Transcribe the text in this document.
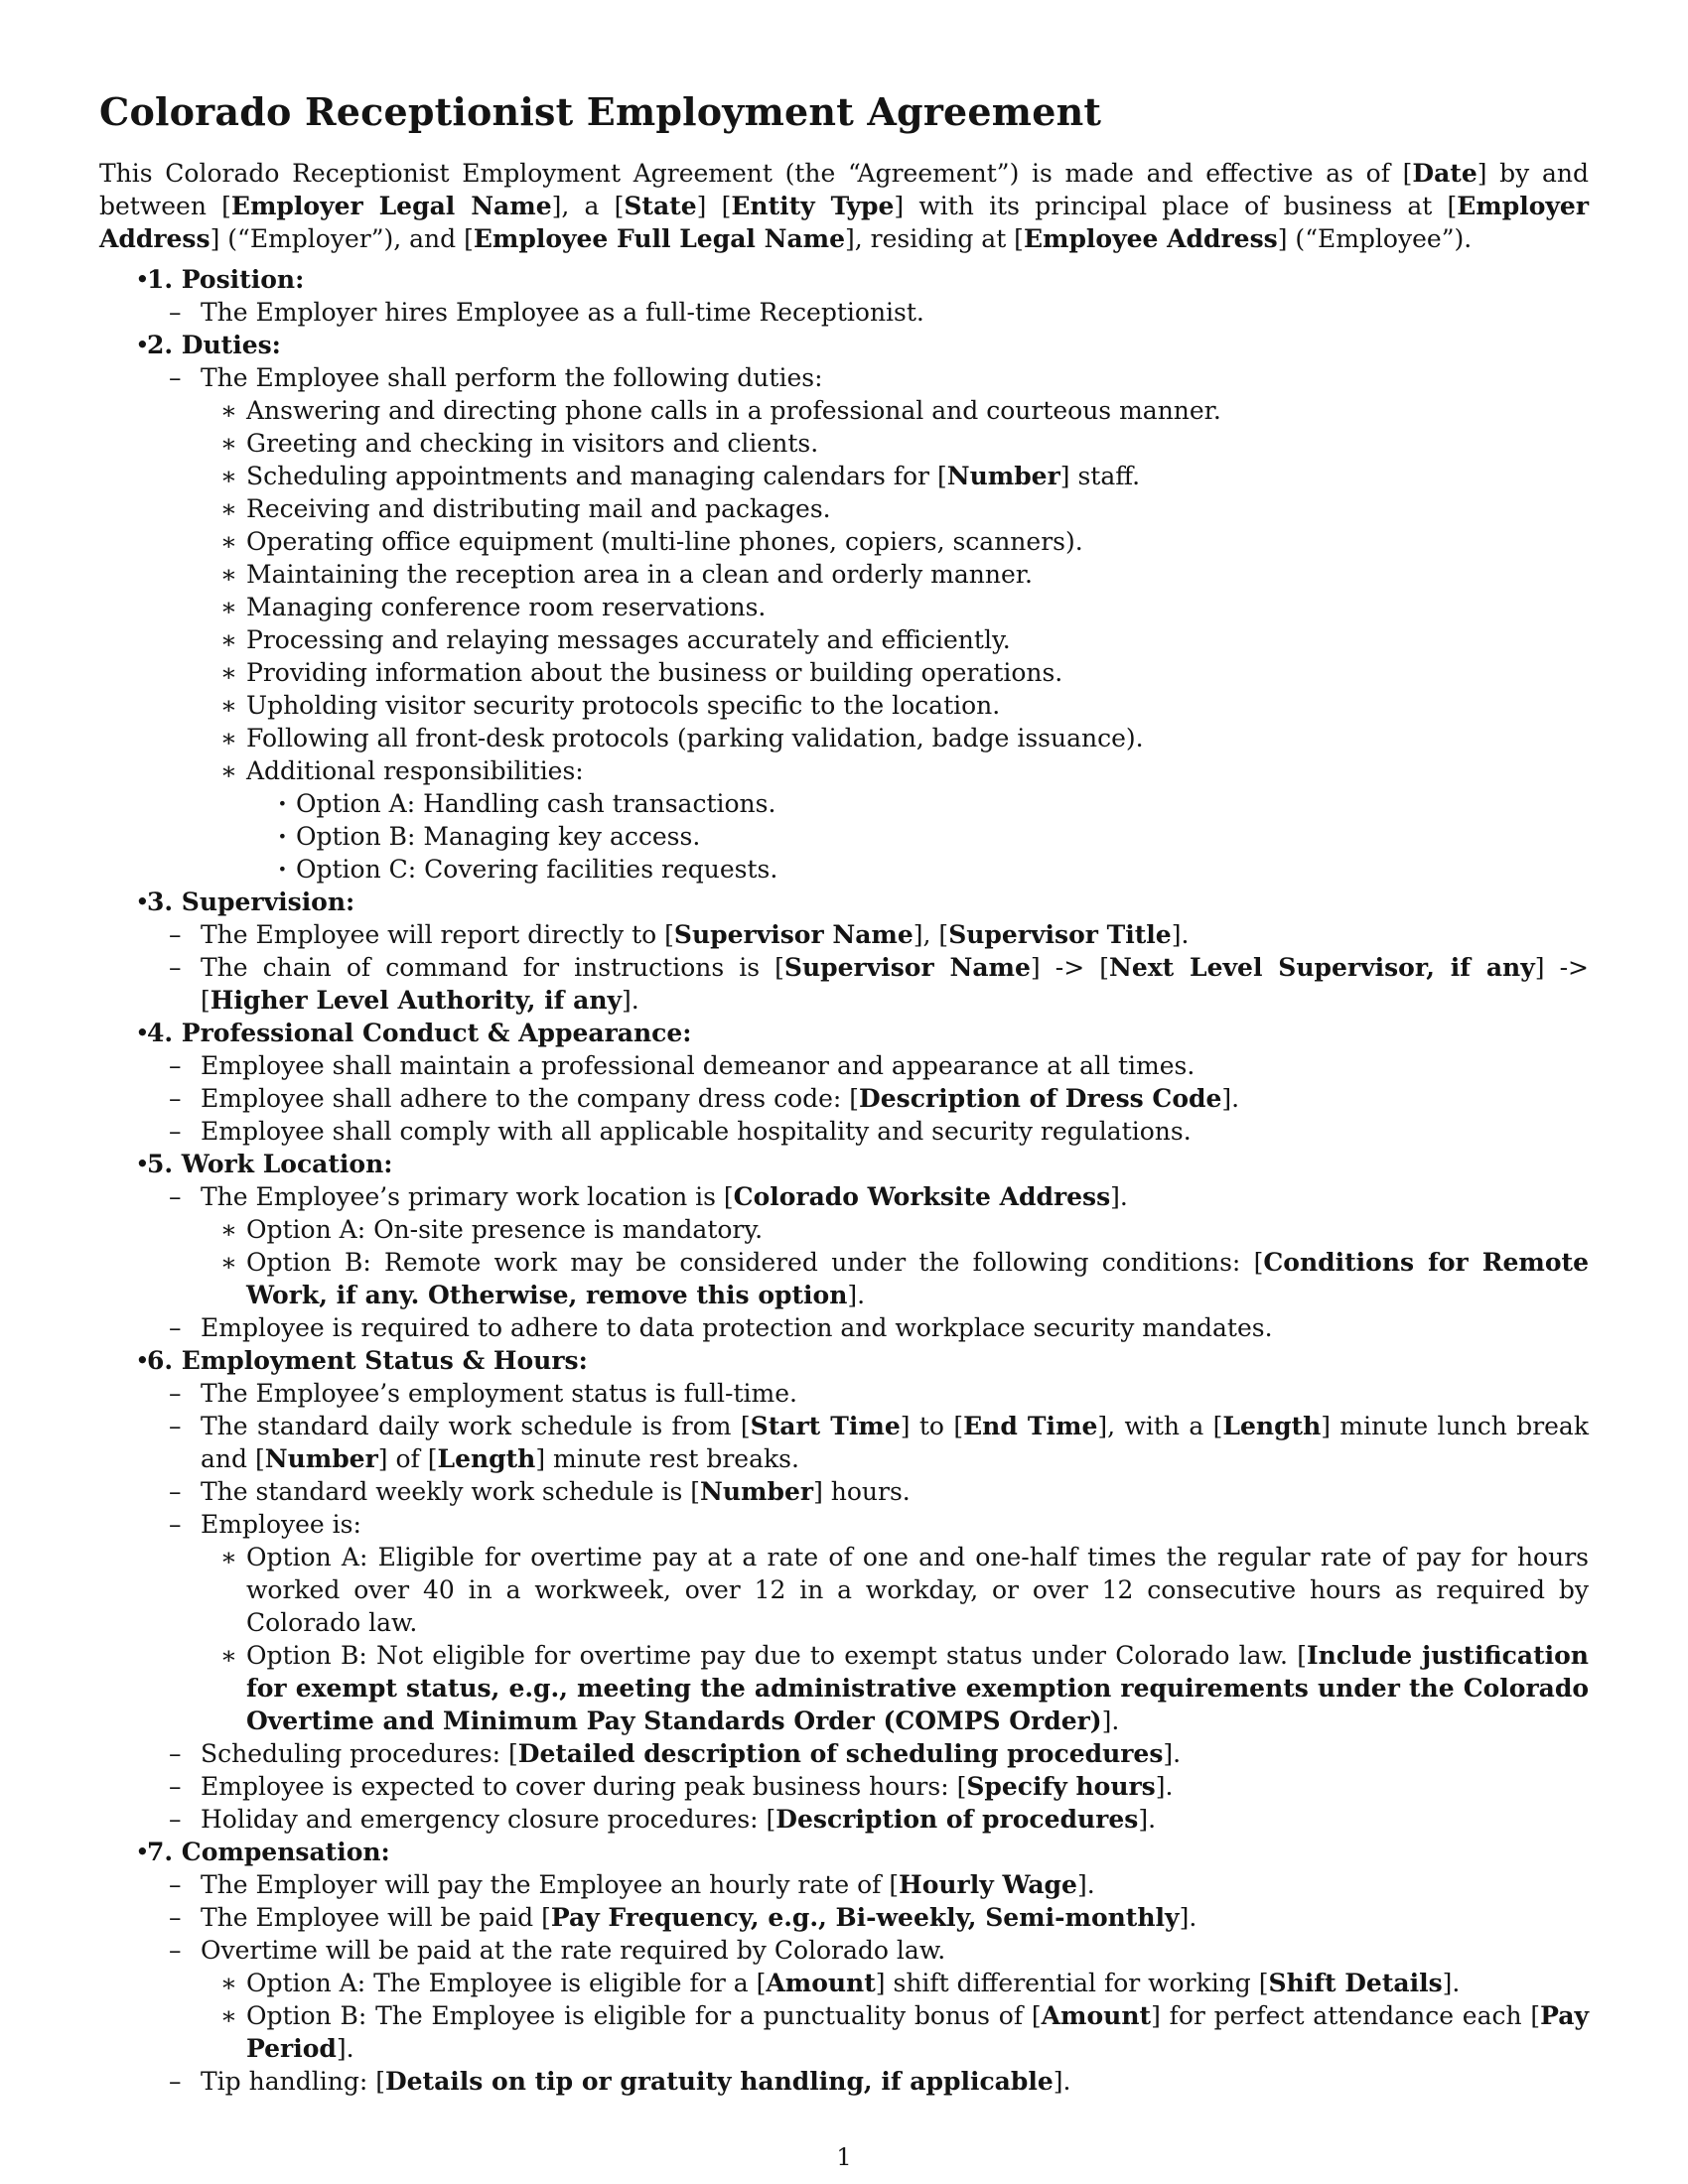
Colorado Receptionist Employment Agreement

This Colorado Receptionist Employment Agreement (the “Agreement”) is made and effective as of [Date] by and between [Employer Legal Name], a [State] [Entity Type] with its principal place of business at [Employer Address] (“Employer”), and [Employee Full Legal Name], residing at [Employee Address] (“Employee”).

• 1. Position:
– The Employer hires Employee as a full-time Receptionist.
• 2. Duties:
– The Employee shall perform the following duties:
∗ Answering and directing phone calls in a professional and courteous manner.
∗ Greeting and checking in visitors and clients.
∗ Scheduling appointments and managing calendars for [Number] staff.
∗ Receiving and distributing mail and packages.
∗ Operating office equipment (multi-line phones, copiers, scanners).
∗ Maintaining the reception area in a clean and orderly manner.
∗ Managing conference room reservations.
∗ Processing and relaying messages accurately and efficiently.
∗ Providing information about the business or building operations.
∗ Upholding visitor security protocols specific to the location.
∗ Following all front-desk protocols (parking validation, badge issuance).
∗ Additional responsibilities:
· Option A: Handling cash transactions.
· Option B: Managing key access.
· Option C: Covering facilities requests.
• 3. Supervision:
– The Employee will report directly to [Supervisor Name], [Supervisor Title].
– The chain of command for instructions is [Supervisor Name] -> [Next Level Supervisor, if any] -> [Higher Level Authority, if any].
• 4. Professional Conduct & Appearance:
– Employee shall maintain a professional demeanor and appearance at all times.
– Employee shall adhere to the company dress code: [Description of Dress Code].
– Employee shall comply with all applicable hospitality and security regulations.
• 5. Work Location:
– The Employee’s primary work location is [Colorado Worksite Address].
∗ Option A: On-site presence is mandatory.
∗ Option B: Remote work may be considered under the following conditions: [Conditions for Remote Work, if any. Otherwise, remove this option].
– Employee is required to adhere to data protection and workplace security mandates.
• 6. Employment Status & Hours:
– The Employee’s employment status is full-time.
– The standard daily work schedule is from [Start Time] to [End Time], with a [Length] minute lunch break and [Number] of [Length] minute rest breaks.
– The standard weekly work schedule is [Number] hours.
– Employee is:
∗ Option A: Eligible for overtime pay at a rate of one and one-half times the regular rate of pay for hours worked over 40 in a workweek, over 12 in a workday, or over 12 consecutive hours as required by Colorado law.
∗ Option B: Not eligible for overtime pay due to exempt status under Colorado law. [Include justification for exempt status, e.g., meeting the administrative exemption requirements under the Colorado Overtime and Minimum Pay Standards Order (COMPS Order)].
– Scheduling procedures: [Detailed description of scheduling procedures].
– Employee is expected to cover during peak business hours: [Specify hours].
– Holiday and emergency closure procedures: [Description of procedures].
• 7. Compensation:
– The Employer will pay the Employee an hourly rate of [Hourly Wage].
– The Employee will be paid [Pay Frequency, e.g., Bi-weekly, Semi-monthly].
– Overtime will be paid at the rate required by Colorado law.
∗ Option A: The Employee is eligible for a [Amount] shift differential for working [Shift Details].
∗ Option B: The Employee is eligible for a punctuality bonus of [Amount] for perfect attendance each [Pay Period].
– Tip handling: [Details on tip or gratuity handling, if applicable].
1
